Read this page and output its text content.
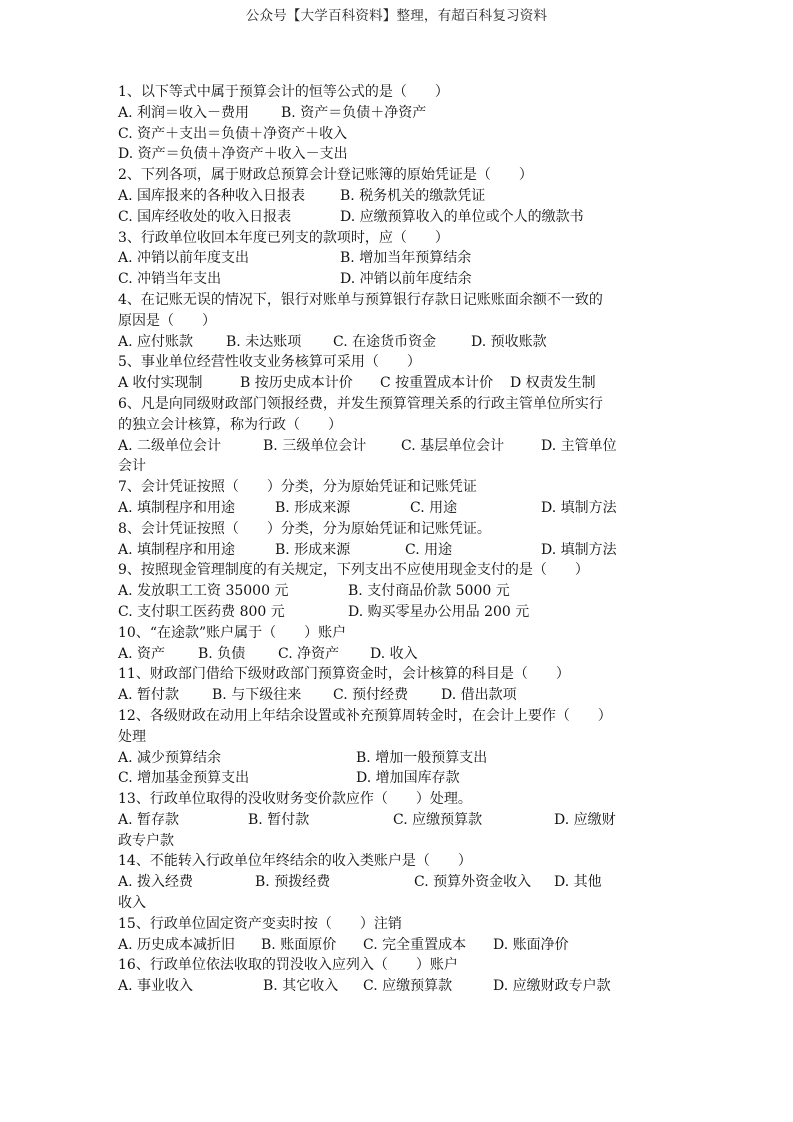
公众号【大学百科资料】整理，有超百科复习资料
1、以下等式中属于预算会计的恒等公式的是（　　）
A. 利润＝收入－费用 B. 资产＝负债＋净资产
C. 资产＋支出＝负债＋净资产＋收入
D. 资产＝负债＋净资产＋收入－支出
2、下列各项，属于财政总预算会计登记账簿的原始凭证是（　　）
A. 国库报来的各种收入日报表 B. 税务机关的缴款凭证
C. 国库经收处的收入日报表	D. 应缴预算收入的单位或个人的缴款书
3、行政单位收回本年度已列支的款项时，应（　　）
A. 冲销以前年度支出	B. 增加当年预算结余
C. 冲销当年支出	D. 冲销以前年度结余
4、在记账无误的情况下，银行对账单与预算银行存款日记账账面余额不一致的
原因是（　　）
A. 应付账款 B. 未达账项 C. 在途货币资金 D. 预收账款
5、事业单位经营性收支业务核算可采用（　　）
A 收付实现制	B 按历史成本计价 C 按重置成本计价 D 权责发生制
6、凡是向同级财政部门领报经费，并发生预算管理关系的行政主管单位所实行
的独立会计核算，称为行政（　　）
A. 二级单位会计	B. 三级单位会计 C. 基层单位会计	D. 主管单位
会计
7、会计凭证按照（　　）分类，分为原始凭证和记账凭证
A. 填制程序和用途	B. 形成来源	C. 用途	D. 填制方法
8、会计凭证按照（　　）分类，分为原始凭证和记账凭证。
A. 填制程序和用途	B. 形成来源	C. 用途	D. 填制方法
9、按照现金管理制度的有关规定，下列支出不应使用现金支付的是（　　）
A. 发放职工工资 35000 元	B. 支付商品价款 5000 元
C. 支付职工医药费 800 元	D. 购买零星办公用品 200 元
10、“在途款”账户属于（　　）账户
A. 资产 B. 负债 C. 净资产 D. 收入
11、财政部门借给下级财政部门预算资金时，会计核算的科目是（　　）
A. 暂付款 B. 与下级往来 C. 预付经费 D. 借出款项
12、各级财政在动用上年结余设置或补充预算周转金时，在会计上要作（　　）
处理
A. 减少预算结余	B. 增加一般预算支出
C. 增加基金预算支出	D. 增加国库存款
13、行政单位取得的没收财务变价款应作（　　）处理。
A. 暂存款	B. 暂付款	C. 应缴预算款	D. 应缴财
政专户款
14、不能转入行政单位年终结余的收入类账户是（　　）
A. 拨入经费	B. 预拨经费	C. 预算外资金收入 D. 其他
收入
15、行政单位固定资产变卖时按（　　）注销
A. 历史成本减折旧 B. 账面原价 C. 完全重置成本 D. 账面净价
16、行政单位依法收取的罚没收入应列入（　　）账户
A. 事业收入	B. 其它收入 C. 应缴预算款	D. 应缴财政专户款
